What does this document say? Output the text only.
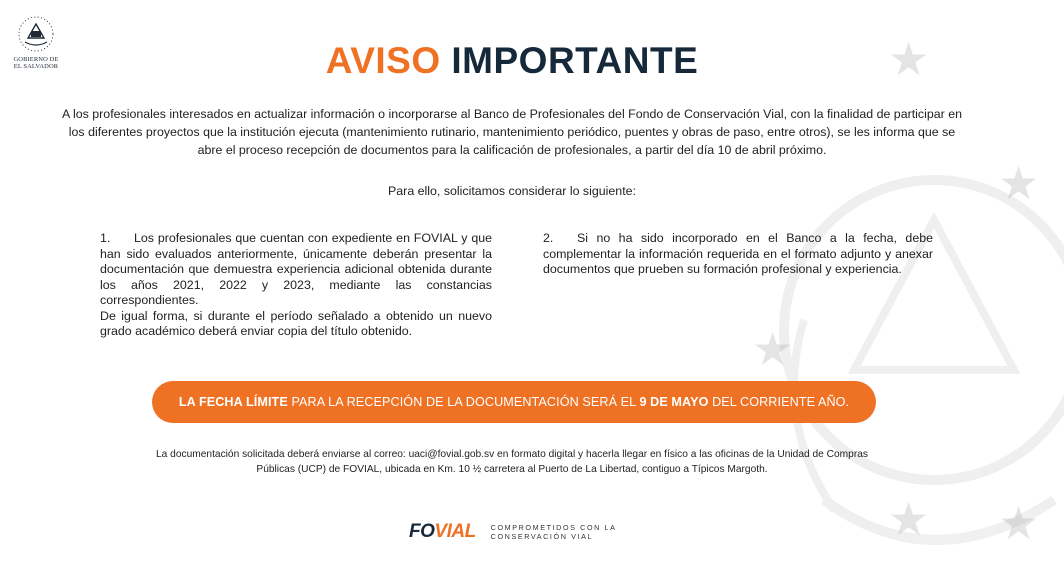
★
★
★
★ ★
GOBIERNO DE
EL SALVADOR	AVISO IMPORTANTE
A los profesionales interesados en actualizar información o incorporarse al Banco de Profesionales del Fondo de Conservación Vial, con la finalidad de participar en los diferentes proyectos que la institución ejecuta (mantenimiento rutinario, mantenimiento periódico, puentes y obras de paso, entre otros), se les informa que se abre el proceso recepción de documentos para la calificación de profesionales, a partir del día 10 de abril próximo.
Para ello, solicitamos considerar lo siguiente:
1. Los profesionales que cuentan con expediente en FOVIAL y que han sido evaluados anteriormente, únicamente deberán presentar la documentación que demuestra experiencia adicional obtenida durante los años 2021, 2022 y 2023, mediante las constancias correspondientes.
De igual forma, si durante el período señalado a obtenido un nuevo grado académico deberá enviar copia del título obtenido.
2. Si no ha sido incorporado en el Banco a la fecha, debe complementar la información requerida en el formato adjunto y anexar documentos que prueben su formación profesional y experiencia.
LA FECHA LÍMITE PARA LA RECEPCIÓN DE LA DOCUMENTACIÓN SERÁ EL 9 DE MAYO DEL CORRIENTE AÑO.
La documentación solicitada deberá enviarse al correo: uaci@fovial.gob.sv en formato digital y hacerla llegar en físico a las oficinas de la Unidad de Compras Públicas (UCP) de FOVIAL, ubicada en Km. 10 ½ carretera al Puerto de La Libertad, contiguo a Típicos Margoth.
FOVIAL COMPROMETIDOS CON LA
CONSERVACIÓN VIAL
